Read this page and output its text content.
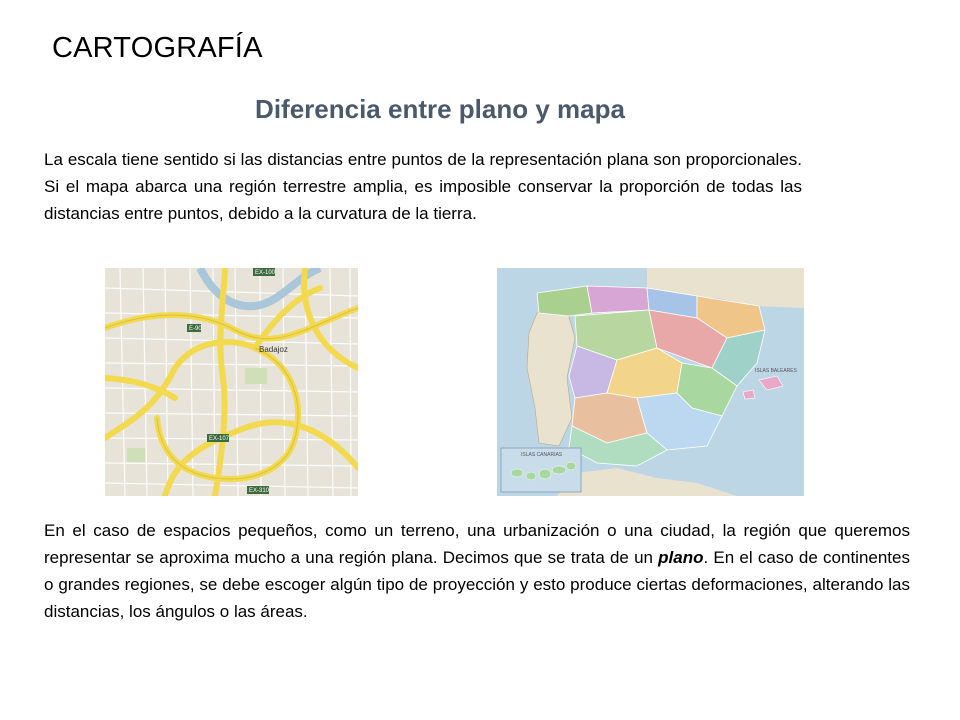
CARTOGRAFÍA
Diferencia entre plano y mapa

La escala tiene sentido si las distancias entre puntos de la representación plana son proporcionales. Si el mapa abarca una región terrestre amplia, es imposible conservar la proporción de todas las distancias entre puntos, debido a la curvatura de la tierra.

EX-100
E-90
EX-107
EX-310
Badajoz
ISLAS CANARIAS
ISLAS BALEARES

En el caso de espacios pequeños, como un terreno, una urbanización o una ciudad, la región que queremos representar se aproxima mucho a una región plana. Decimos que se trata de un plano. En el caso de continentes o grandes regiones, se debe escoger algún tipo de proyección y esto produce ciertas deformaciones, alterando las distancias, los ángulos o las áreas.
